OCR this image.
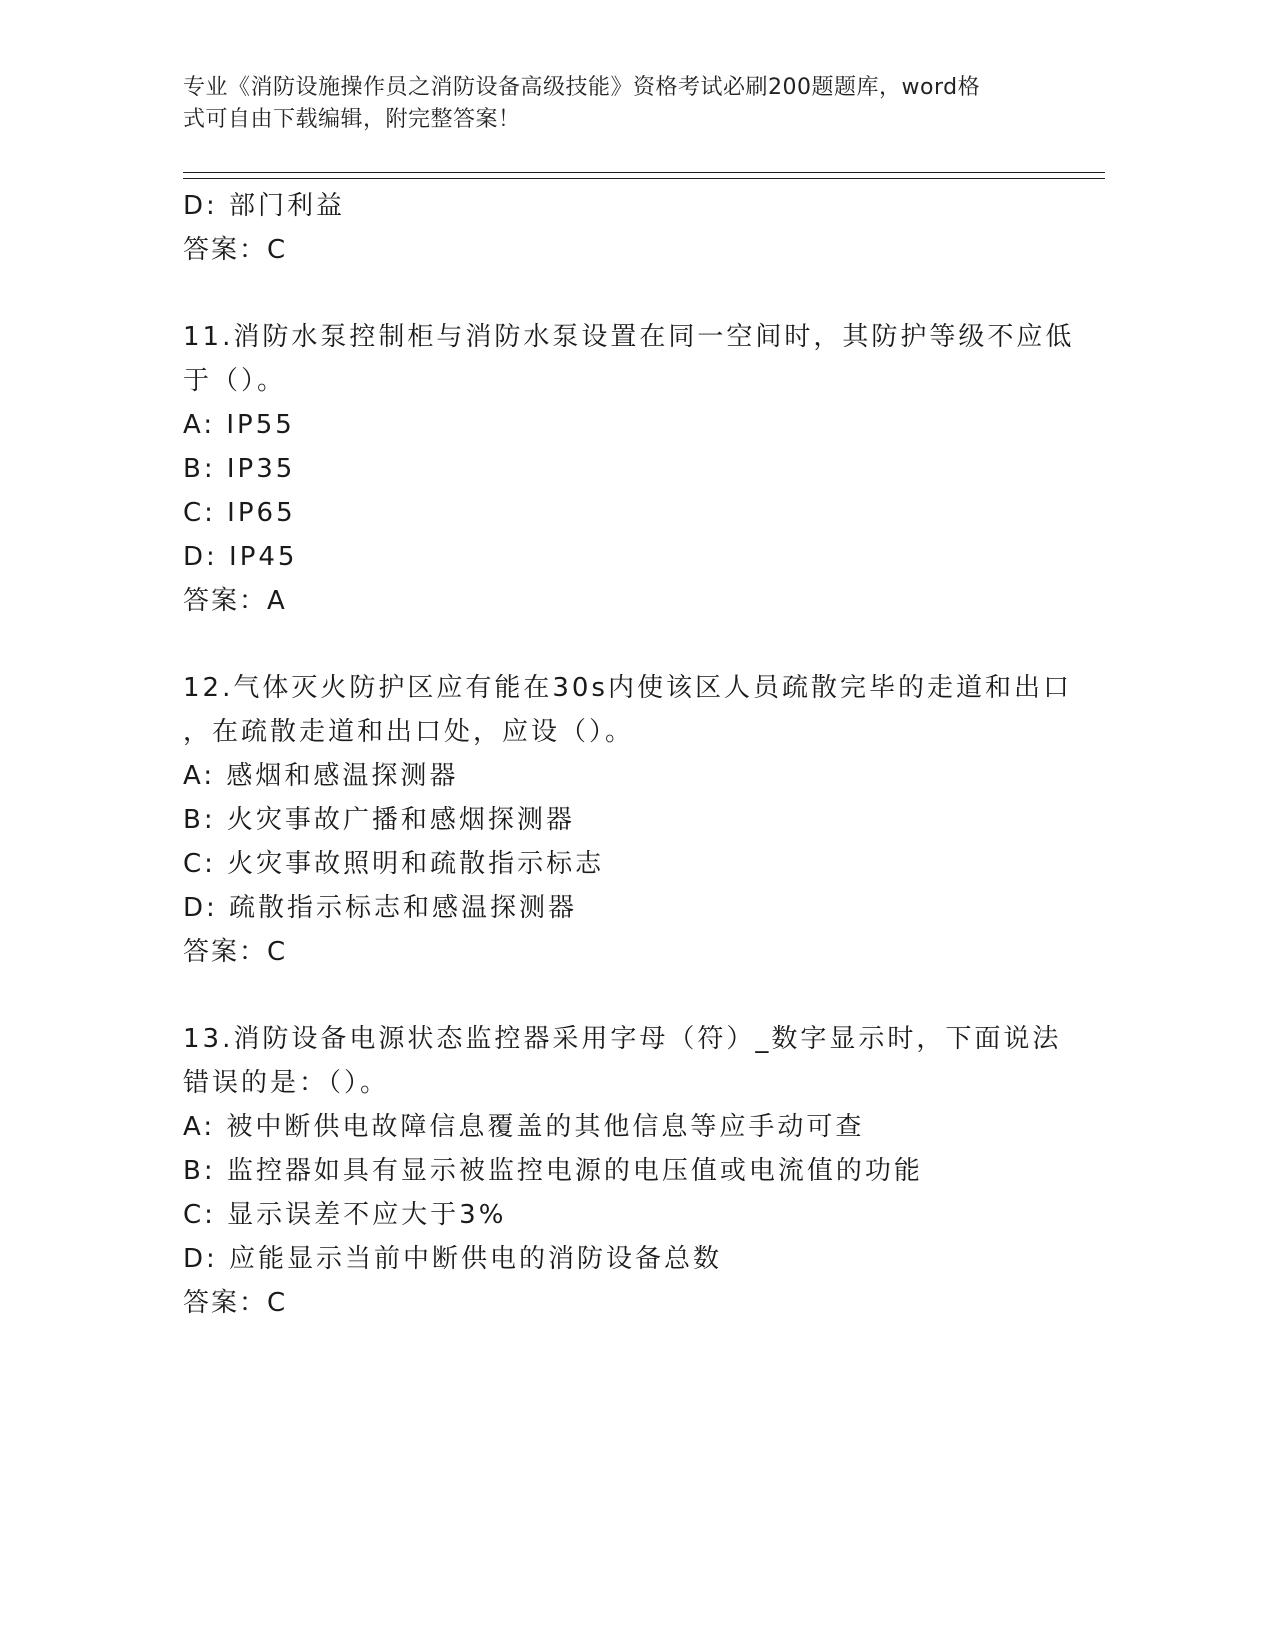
专业《消防设施操作员之消防设备高级技能》资格考试必刷200题题库，word格
式可自由下载编辑，附完整答案！
D: 部门利益
答案：C
11.消防水泵控制柜与消防水泵设置在同一空间时，其防护等级不应低
于（）。
A: IP55
B: IP35
C: IP65
D: IP45
答案：A
12.气体灭火防护区应有能在30s内使该区人员疏散完毕的走道和出口
，在疏散走道和出口处，应设（）。
A: 感烟和感温探测器
B: 火灾事故广播和感烟探测器
C: 火灾事故照明和疏散指示标志
D: 疏散指示标志和感温探测器
答案：C
13.消防设备电源状态监控器采用字母（符）_数字显示时，下面说法
错误的是：（）。
A: 被中断供电故障信息覆盖的其他信息等应手动可查
B: 监控器如具有显示被监控电源的电压值或电流值的功能
C: 显示误差不应大于3%
D: 应能显示当前中断供电的消防设备总数
答案：C
